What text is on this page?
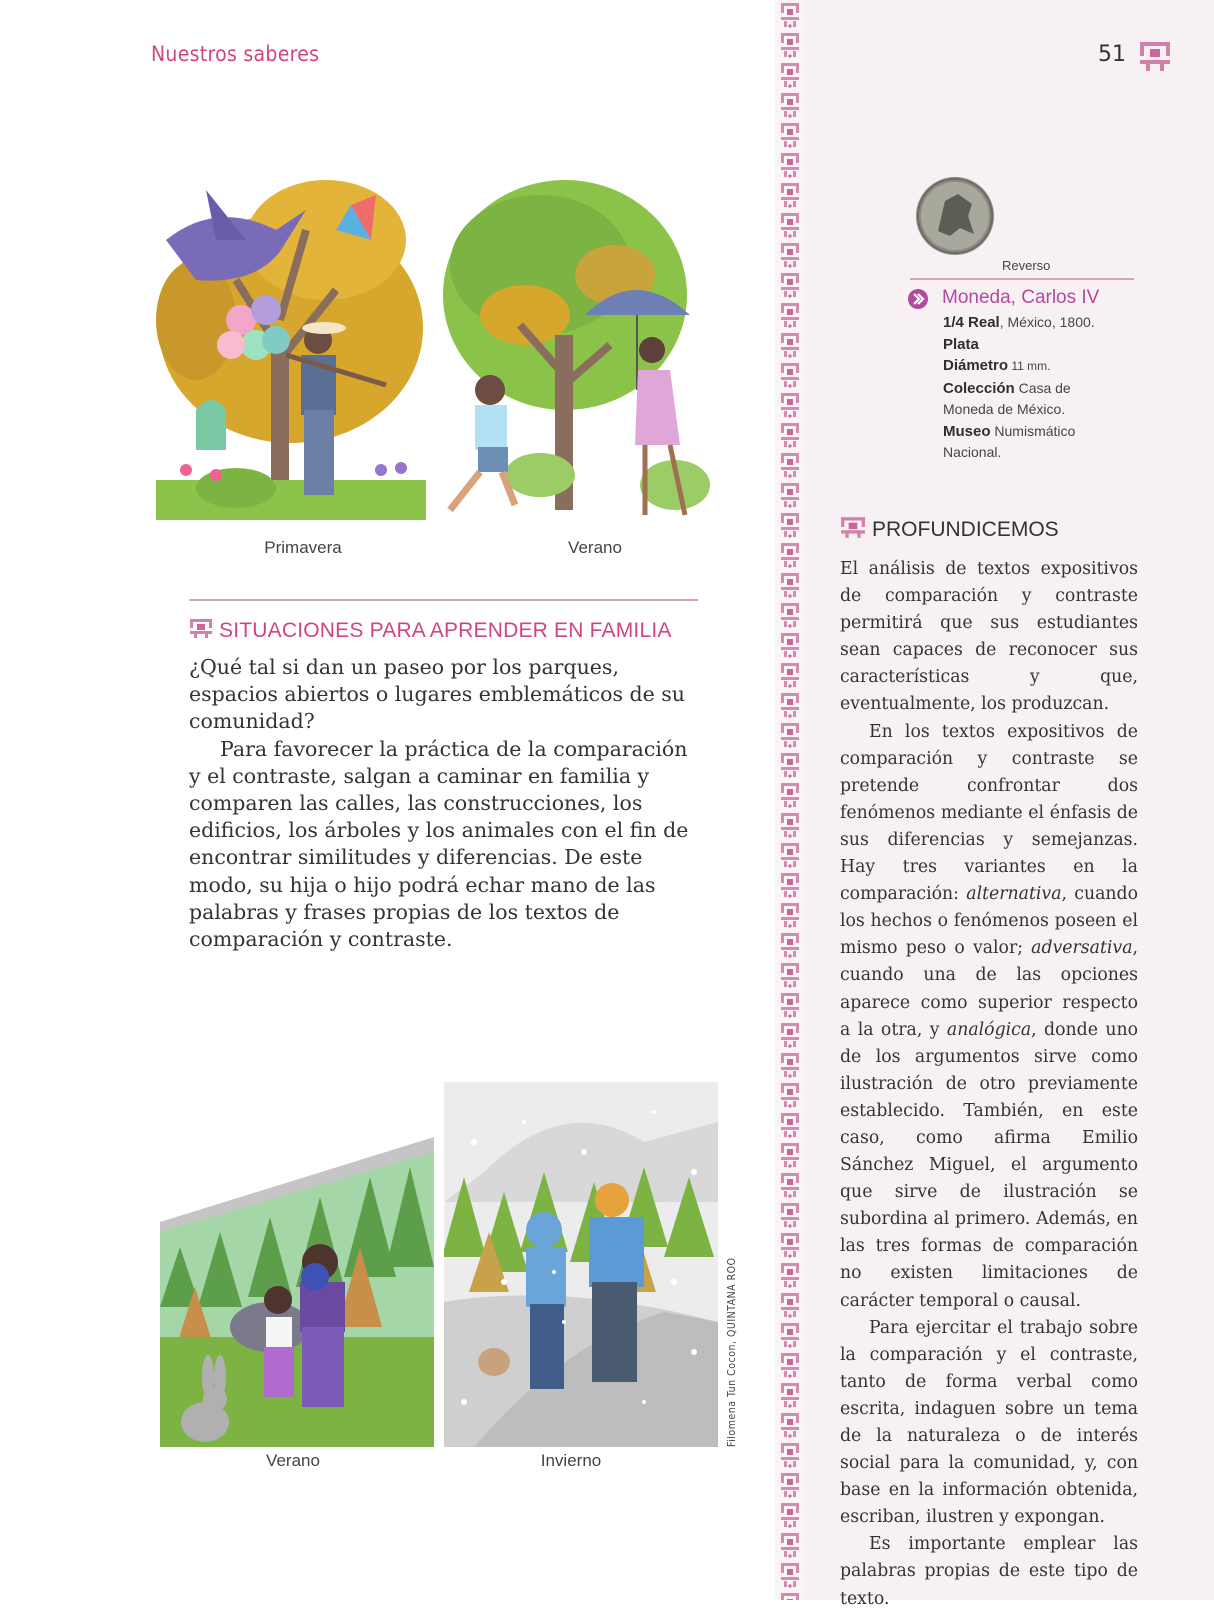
Nuestros saberes	51
Primavera	Verano
SITUACIONES PARA APRENDER EN FAMILIA

¿Qué tal si dan un paseo por los parques, espacios abiertos o lugares emblemáticos de su comunidad?

Para favorecer la práctica de la comparación y el contraste, salgan a caminar en familia y comparen las calles, las construcciones, los edificios, los árboles y los animales con el fin de encontrar similitudes y diferencias. De este modo, su hija o hijo podrá echar mano de las palabras y frases propias de los textos de comparación y contraste.

Verano	Invierno
Filomena Tun Cocon, QUINTANA ROO
Reverso
Moneda, Carlos IV
1/4 Real, México, 1800.
Plata
Diámetro 11 mm.
Colección Casa de Moneda de México.
Museo Numismático Nacional.
PROFUNDICEMOS

El análisis de textos expositivos de comparación y contraste permitirá que sus estudiantes sean capaces de reconocer sus características y que, eventualmente, los produzcan.

En los textos expositivos de comparación y contraste se pretende confrontar dos fenómenos mediante el énfasis de sus diferencias y semejanzas. Hay tres variantes en la comparación: alternativa, cuando los hechos o fenómenos poseen el mismo peso o valor; adversativa, cuando una de las opciones aparece como superior respecto a la otra, y analógica, donde uno de los argumentos sirve como ilustración de otro previamente establecido. También, en este caso, como afirma Emilio Sánchez Miguel, el argumento que sirve de ilustración se subordina al primero. Además, en las tres formas de comparación no existen limitaciones de carácter temporal o causal.

Para ejercitar el trabajo sobre la comparación y el contraste, tanto de forma verbal como escrita, indaguen sobre un tema de la naturaleza o de interés social para la comunidad, y, con base en la información obtenida, escriban, ilustren y expongan.

Es importante emplear las palabras propias de este tipo de texto.
